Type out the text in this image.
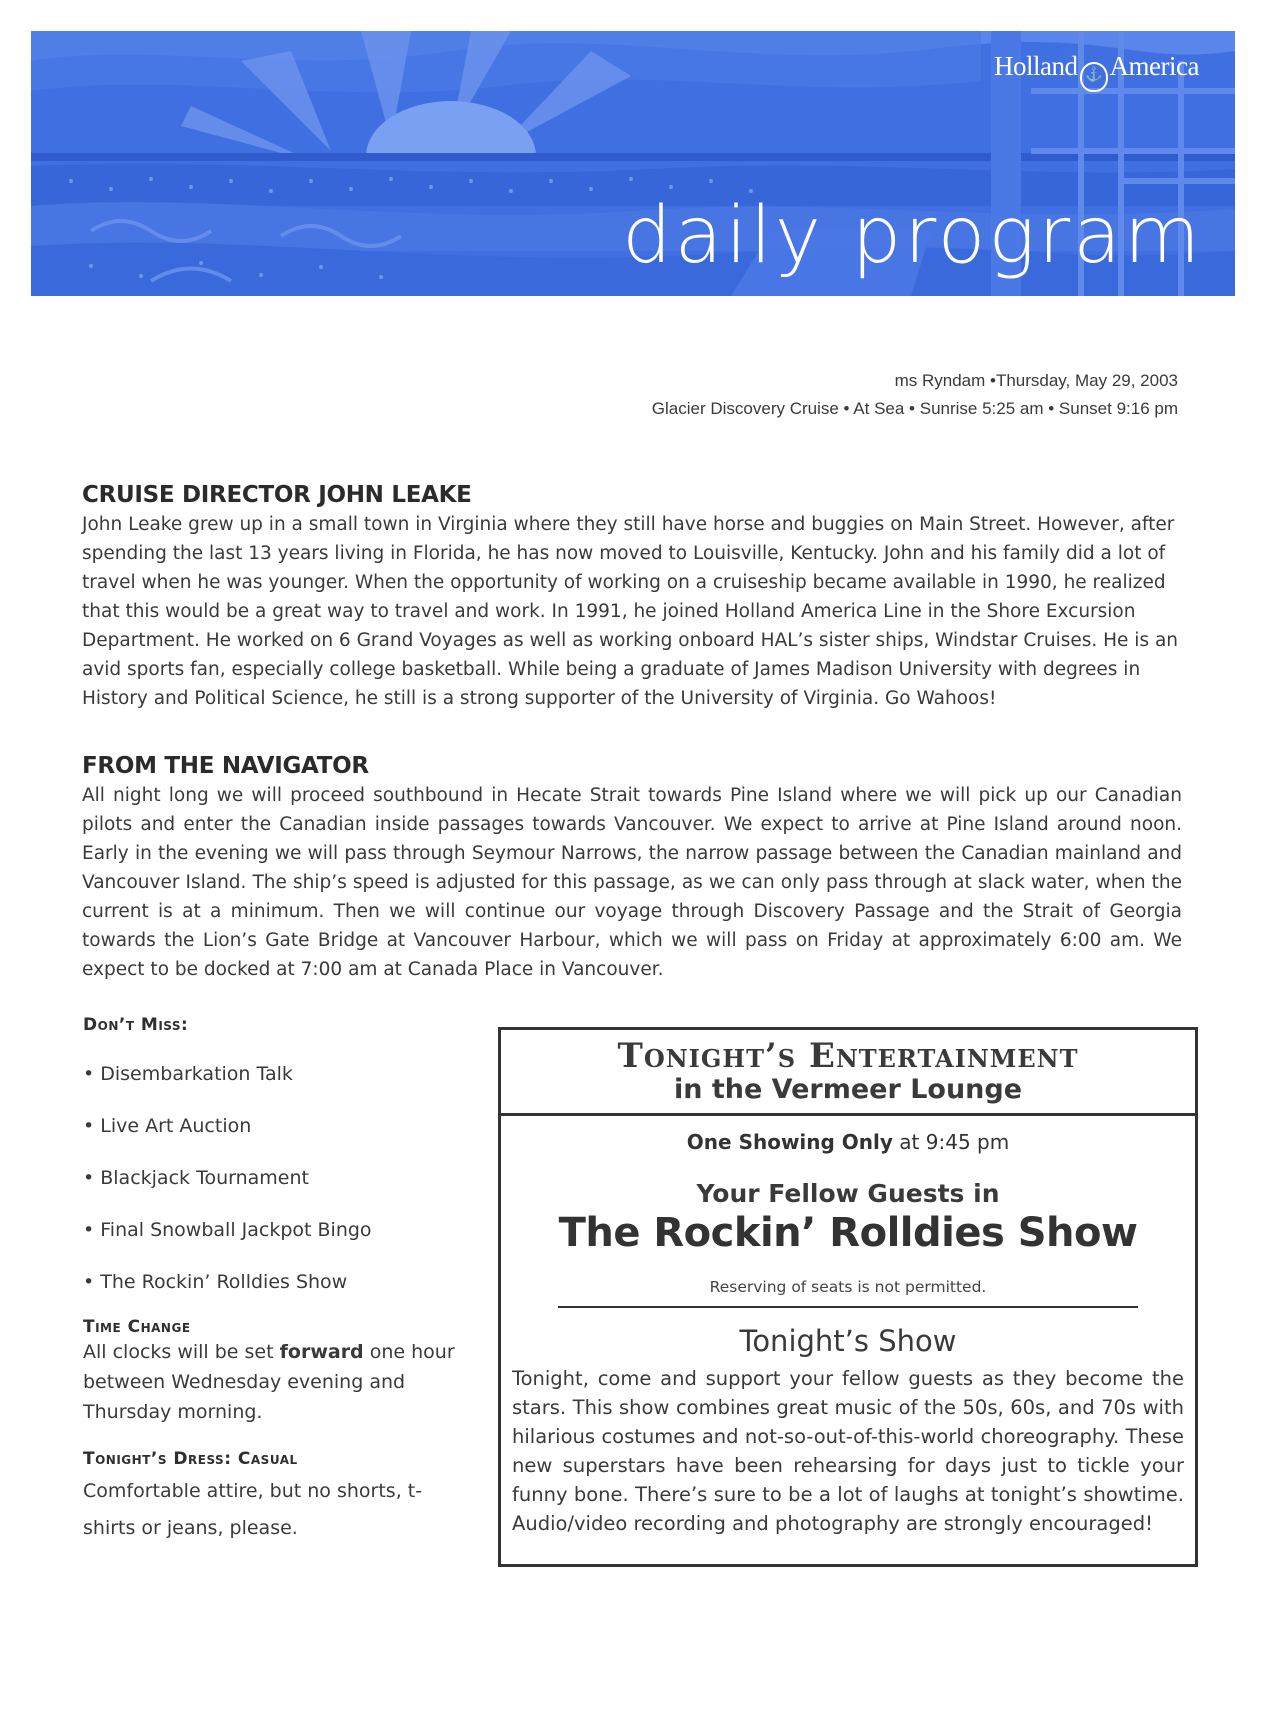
Holland ⚓ America
daily program
ms Ryndam •Thursday, May 29, 2003
Glacier Discovery Cruise • At Sea • Sunrise 5:25 am • Sunset 9:16 pm
CRUISE DIRECTOR JOHN LEAKE
John Leake grew up in a small town in Virginia where they still have horse and buggies on Main Street. However, after spending the last 13 years living in Florida, he has now moved to Louisville, Kentucky. John and his family did a lot of travel when he was younger. When the opportunity of working on a cruiseship became available in 1990, he realized that this would be a great way to travel and work. In 1991, he joined Holland America Line in the Shore Excursion Department. He worked on 6 Grand Voyages as well as working onboard HAL’s sister ships, Windstar Cruises. He is an avid sports fan, especially college basketball. While being a graduate of James Madison University with degrees in History and Political Science, he still is a strong supporter of the University of Virginia. Go Wahoos!
FROM THE NAVIGATOR
All night long we will proceed southbound in Hecate Strait towards Pine Island where we will pick up our Canadian pilots and enter the Canadian inside passages towards Vancouver. We expect to arrive at Pine Island around noon. Early in the evening we will pass through Seymour Narrows, the narrow passage between the Canadian mainland and Vancouver Island. The ship’s speed is adjusted for this passage, as we can only pass through at slack water, when the current is at a minimum. Then we will continue our voyage through Discovery Passage and the Strait of Georgia towards the Lion’s Gate Bridge at Vancouver Harbour, which we will pass on Friday at approximately 6:00 am. We expect to be docked at 7:00 am at Canada Place in Vancouver.
Don’t Miss:
• Disembarkation Talk
• Live Art Auction
• Blackjack Tournament
• Final Snowball Jackpot Bingo
• The Rockin’ Rolldies Show
Time Change
All clocks will be set forward one hour between Wednesday evening and Thursday morning.
Tonight’s Dress: Casual
Comfortable attire, but no shorts, t-shirts or jeans, please.
Tonight’s Entertainment
in the Vermeer Lounge
One Showing Only at 9:45 pm
Your Fellow Guests in
The Rockin’ Rolldies Show
Reserving of seats is not permitted.
Tonight’s Show
Tonight, come and support your fellow guests as they become the stars. This show combines great music of the 50s, 60s, and 70s with hilarious costumes and not-so-out-of-this-world choreography. These new superstars have been rehearsing for days just to tickle your funny bone. There’s sure to be a lot of laughs at tonight’s showtime. Audio/video recording and photography are strongly encouraged!
